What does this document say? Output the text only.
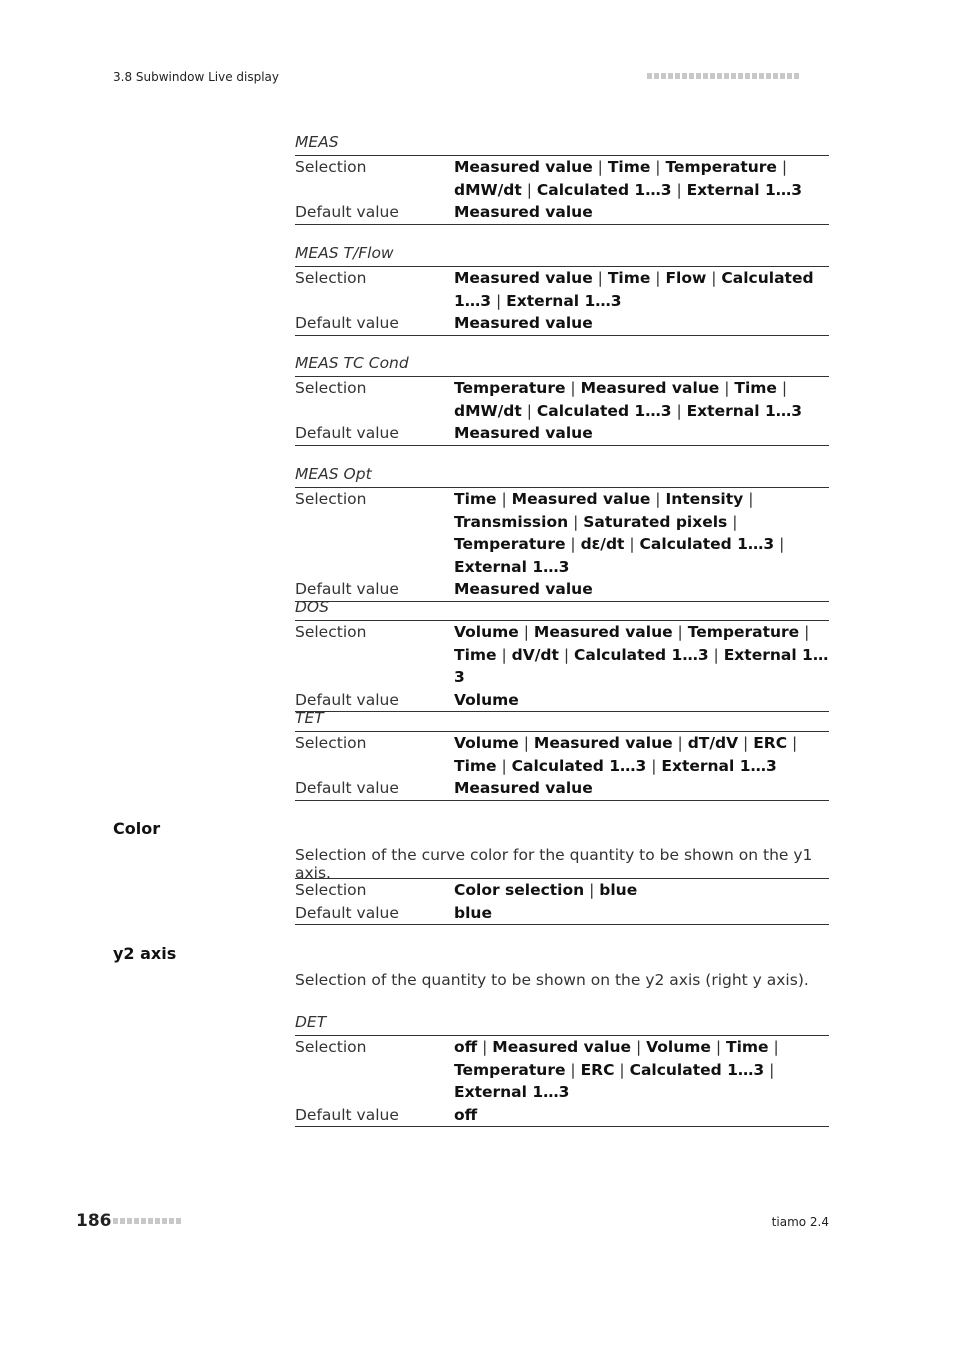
3.8 Subwindow Live display
MEAS
Selection	Measured value | Time | Temperature | dMW/dt | Calculated 1…3 | External 1…3
Default value	Measured value
MEAS T/Flow
Selection	Measured value | Time | Flow | Calculated 1…3 | External 1…3
Default value	Measured value
MEAS TC Cond
Selection	Temperature | Measured value | Time | dMW/dt | Calculated 1…3 | External 1…3
Default value	Measured value
MEAS Opt
Selection	Time | Measured value | Intensity | Transmission | Saturated pixels | Temperature | dε/dt | Calculated 1…3 | External 1…3
Default value	Measured value
DOS
Selection	Volume | Measured value | Temperature | Time | dV/dt | Calculated 1…3 | External 1…3
Default value	Volume
TET
Selection	Volume | Measured value | dT/dV | ERC | Time | Calculated 1…3 | External 1…3
Default value	Measured value
Color
Selection of the curve color for the quantity to be shown on the y1 axis.
Selection	Color selection | blue
Default value	blue
y2 axis
Selection of the quantity to be shown on the y2 axis (right y axis).
DET
Selection	off | Measured value | Volume | Time | Temperature | ERC | Calculated 1…3 | External 1…3
Default value	off
186	tiamo 2.4
